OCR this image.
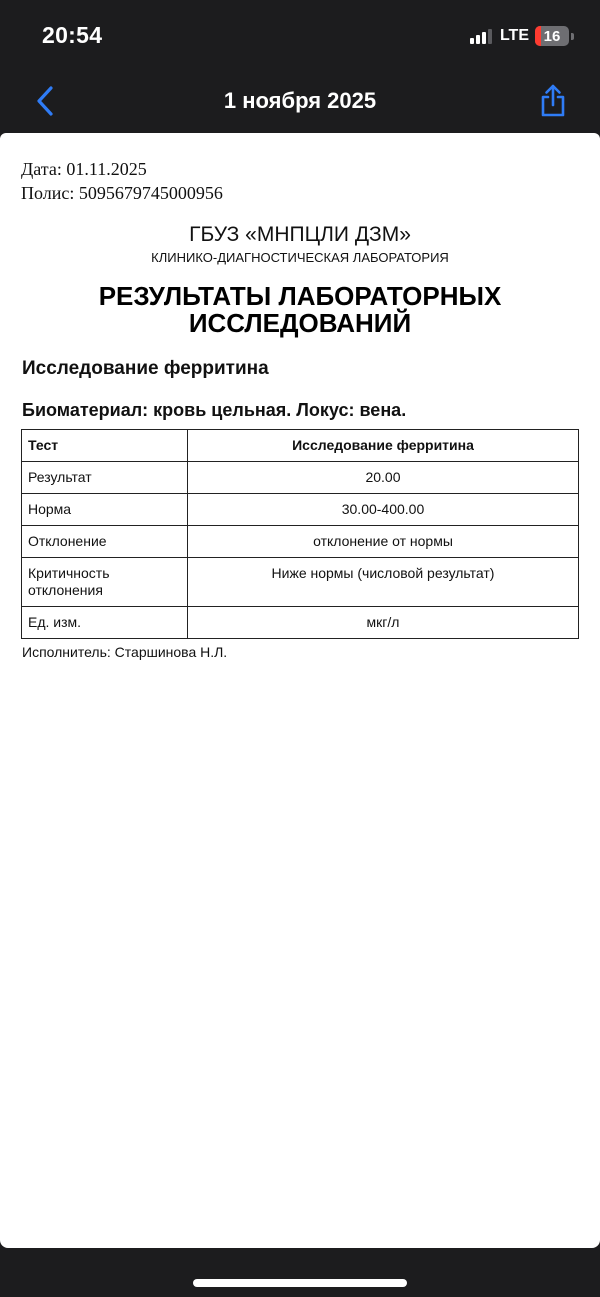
20:54	LTE 16
1 ноября 2025
Дата: 01.11.2025
Полис: 5095679745000956
ГБУЗ «МНПЦЛИ ДЗМ»
КЛИНИКО-ДИАГНОСТИЧЕСКАЯ ЛАБОРАТОРИЯ
РЕЗУЛЬТАТЫ ЛАБОРАТОРНЫХ
ИССЛЕДОВАНИЙ
Исследование ферритина
Биоматериал: кровь цельная. Локус: вена.
Тест	Исследование ферритина
Результат	20.00
Норма	30.00-400.00
Отклонение	отклонение от нормы
Критичность отклонения	Ниже нормы (числовой результат)
Ед. изм.	мкг/л
Исполнитель: Старшинова Н.Л.
